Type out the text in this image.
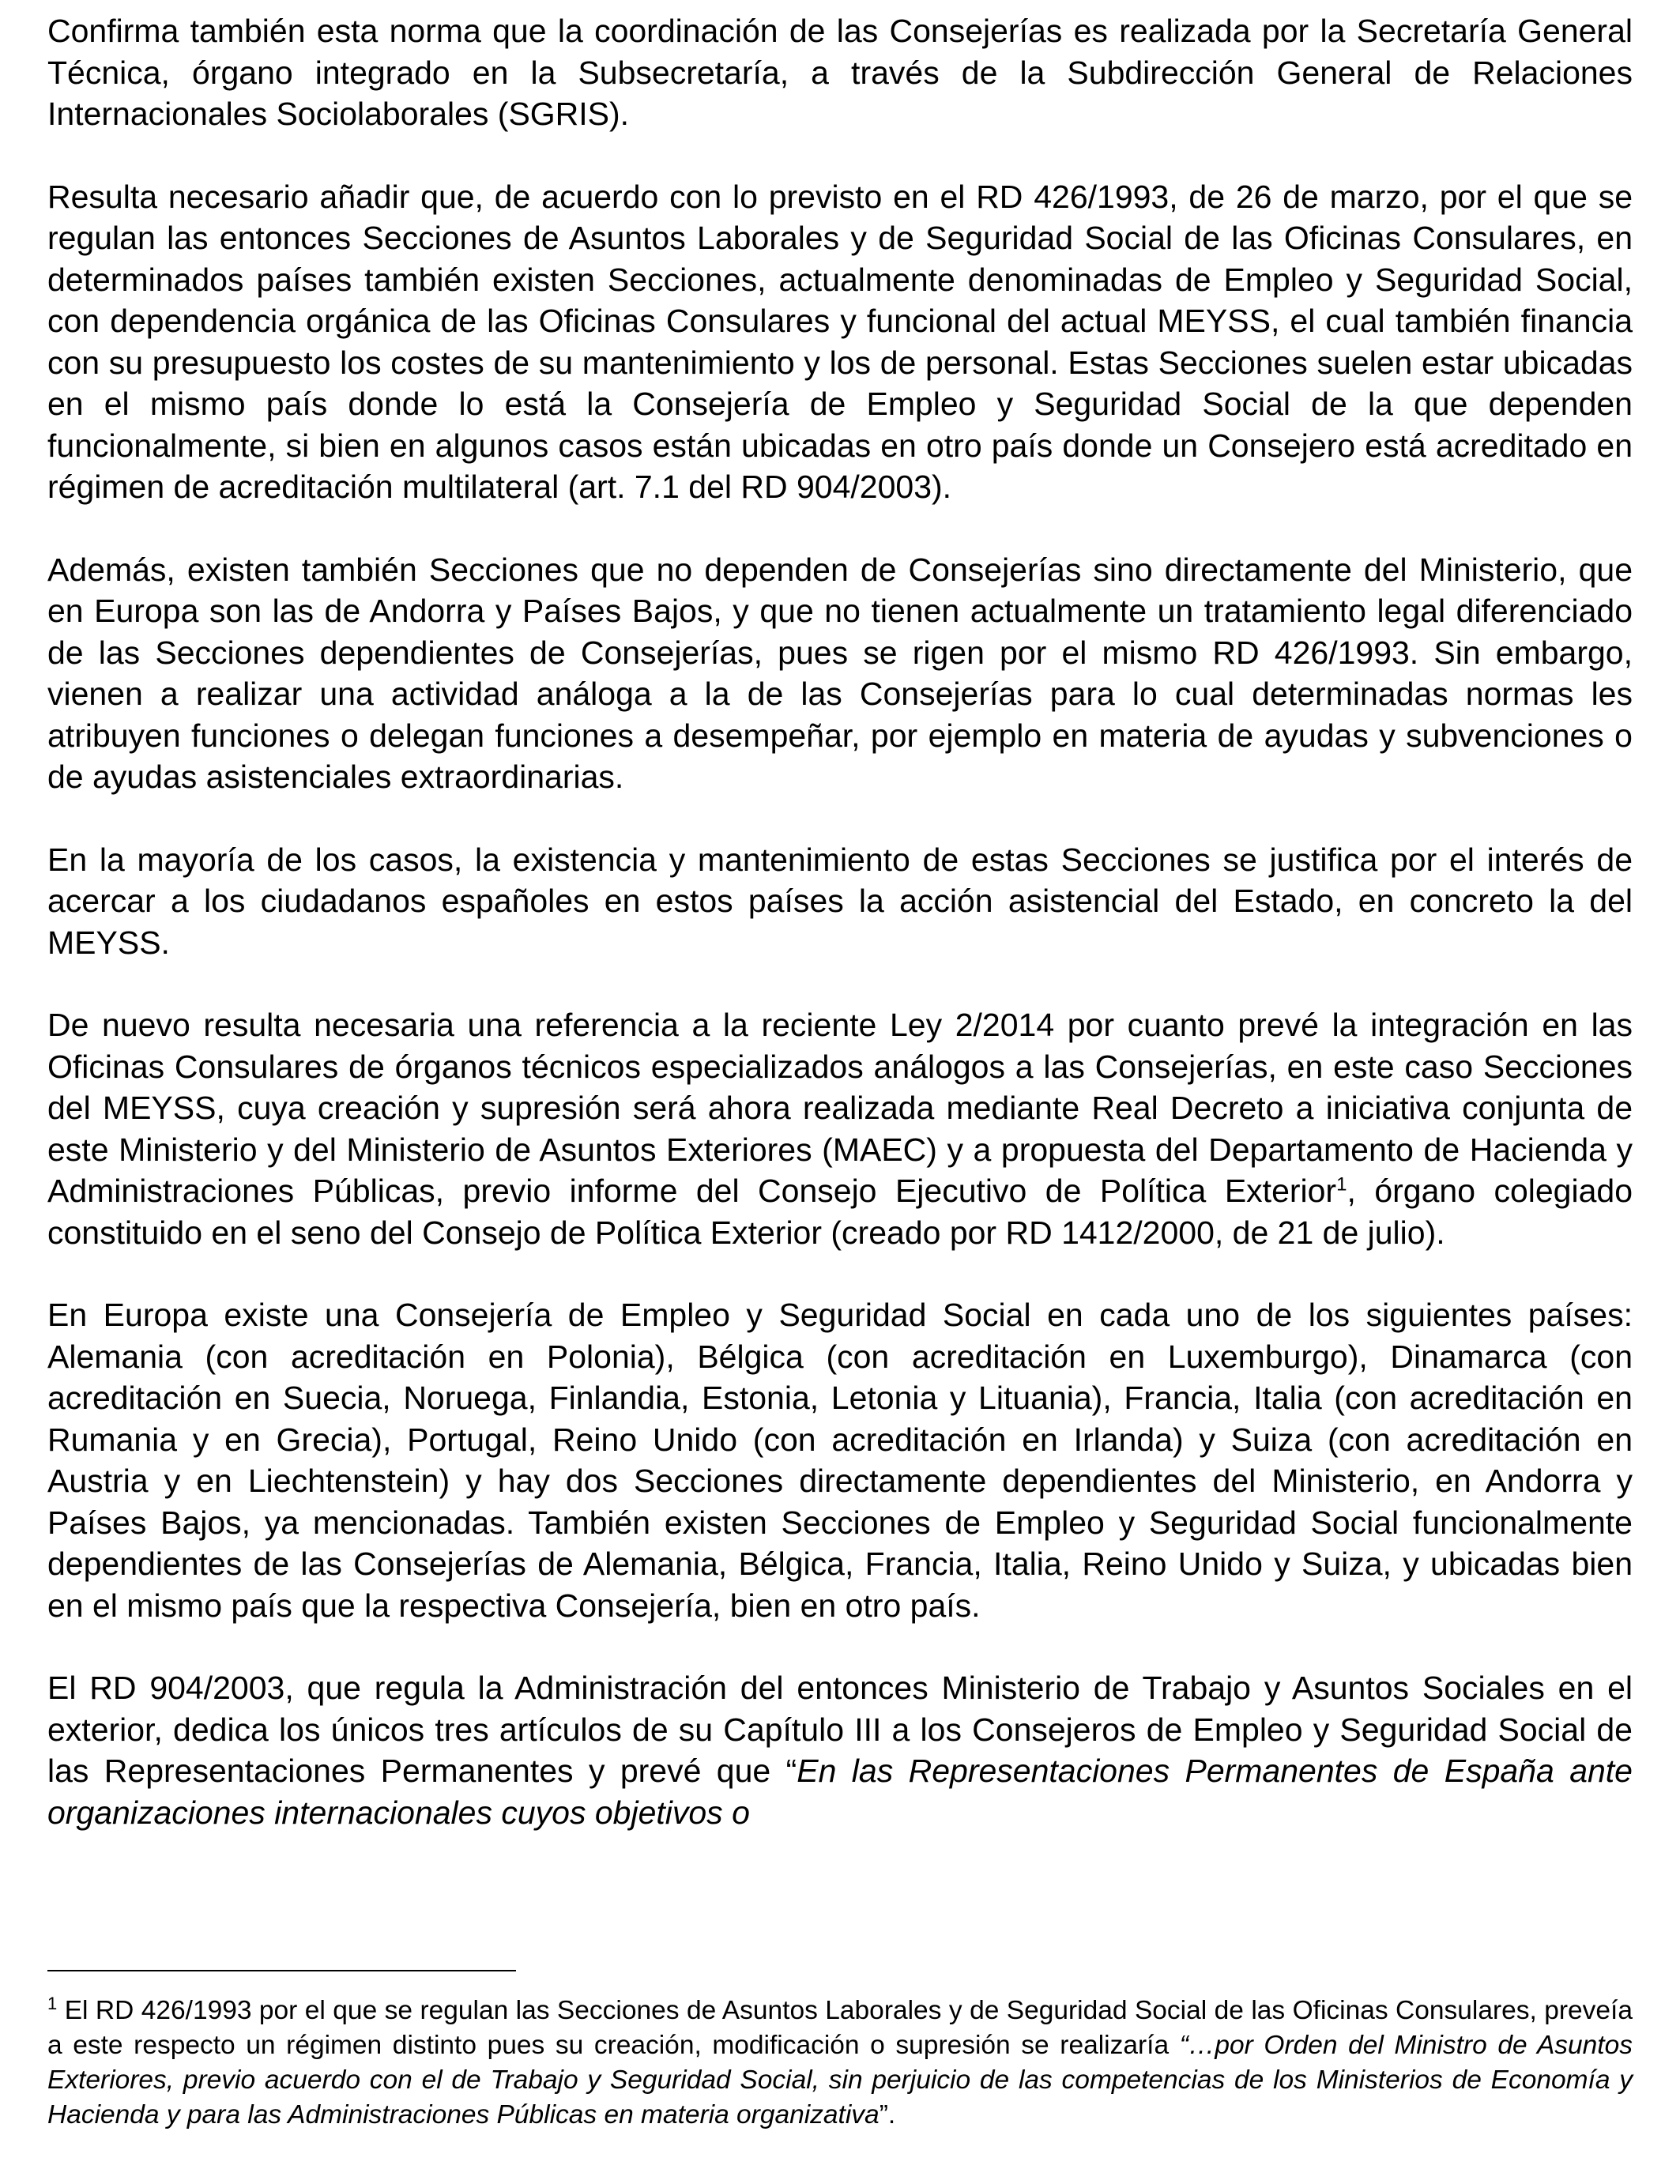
Confirma también esta norma que la coordinación de las Consejerías es realizada por la Secretaría General Técnica, órgano integrado en la Subsecretaría, a través de la Subdirección General de Relaciones Internacionales Sociolaborales (SGRIS).

Resulta necesario añadir que, de acuerdo con lo previsto en el RD 426/1993, de 26 de marzo, por el que se regulan las entonces Secciones de Asuntos Laborales y de Seguridad Social de las Oficinas Consulares, en determinados países también existen Secciones, actualmente denominadas de Empleo y Seguridad Social, con dependencia orgánica de las Oficinas Consulares y funcional del actual MEYSS, el cual también financia con su presupuesto los costes de su mantenimiento y los de personal. Estas Secciones suelen estar ubicadas en el mismo país donde lo está la Consejería de Empleo y Seguridad Social de la que dependen funcionalmente, si bien en algunos casos están ubicadas en otro país donde un Consejero está acreditado en régimen de acreditación multilateral (art. 7.1 del RD 904/2003).

Además, existen también Secciones que no dependen de Consejerías sino directamente del Ministerio, que en Europa son las de Andorra y Países Bajos, y que no tienen actualmente un tratamiento legal diferenciado de las Secciones dependientes de Consejerías, pues se rigen por el mismo RD 426/1993. Sin embargo, vienen a realizar una actividad análoga a la de las Consejerías para lo cual determinadas normas les atribuyen funciones o delegan funciones a desempeñar, por ejemplo en materia de ayudas y subvenciones o de ayudas asistenciales extraordinarias.

En la mayoría de los casos, la existencia y mantenimiento de estas Secciones se justifica por el interés de acercar a los ciudadanos españoles en estos países la acción asistencial del Estado, en concreto la del MEYSS.

De nuevo resulta necesaria una referencia a la reciente Ley 2/2014 por cuanto prevé la integración en las Oficinas Consulares de órganos técnicos especializados análogos a las Consejerías, en este caso Secciones del MEYSS, cuya creación y supresión será ahora realizada mediante Real Decreto a iniciativa conjunta de este Ministerio y del Ministerio de Asuntos Exteriores (MAEC) y a propuesta del Departamento de Hacienda y Administraciones Públicas, previo informe del Consejo Ejecutivo de Política Exterior$^1$, órgano colegiado constituido en el seno del Consejo de Política Exterior (creado por RD 1412/2000, de 21 de julio).

En Europa existe una Consejería de Empleo y Seguridad Social en cada uno de los siguientes países: Alemania (con acreditación en Polonia), Bélgica (con acreditación en Luxemburgo), Dinamarca (con acreditación en Suecia, Noruega, Finlandia, Estonia, Letonia y Lituania), Francia, Italia (con acreditación en Rumania y en Grecia), Portugal, Reino Unido (con acreditación en Irlanda) y Suiza (con acreditación en Austria y en Liechtenstein) y hay dos Secciones directamente dependientes del Ministerio, en Andorra y Países Bajos, ya mencionadas. También existen Secciones de Empleo y Seguridad Social funcionalmente dependientes de las Consejerías de Alemania, Bélgica, Francia, Italia, Reino Unido y Suiza, y ubicadas bien en el mismo país que la respectiva Consejería, bien en otro país.

El RD 904/2003, que regula la Administración del entonces Ministerio de Trabajo y Asuntos Sociales en el exterior, dedica los únicos tres artículos de su Capítulo III a los Consejeros de Empleo y Seguridad Social de las Representaciones Permanentes y prevé que “En las Representaciones Permanentes de España ante organizaciones internacionales cuyos objetivos o

$^1$ El RD 426/1993 por el que se regulan las Secciones de Asuntos Laborales y de Seguridad Social de las Oficinas Consulares, preveía a este respecto un régimen distinto pues su creación, modificación o supresión se realizaría “…por Orden del Ministro de Asuntos Exteriores, previo acuerdo con el de Trabajo y Seguridad Social, sin perjuicio de las competencias de los Ministerios de Economía y Hacienda y para las Administraciones Públicas en materia organizativa”.
